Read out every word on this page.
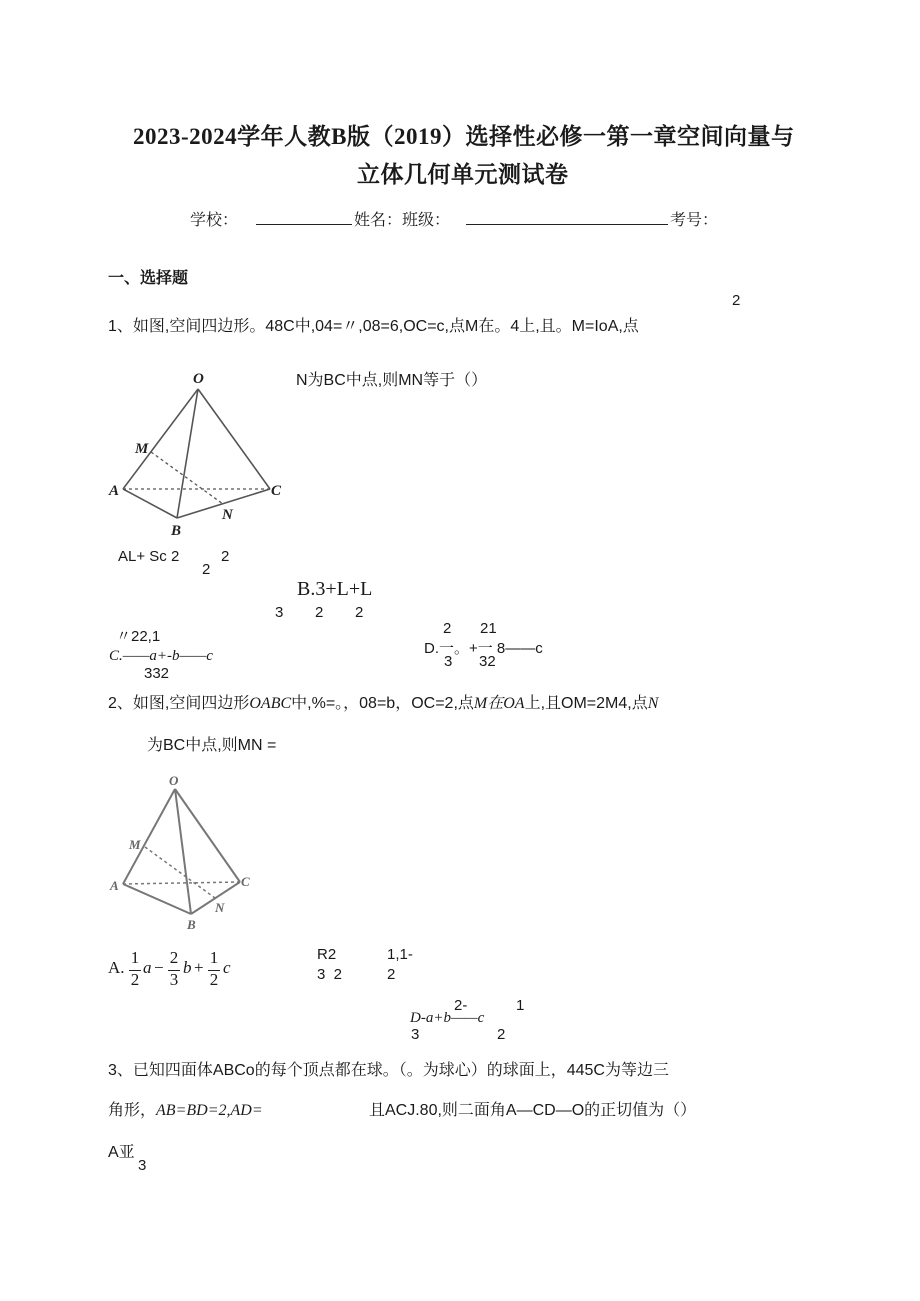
2023-2024学年人教B版（2019）选择性必修一第一章空间向量与
立体几何单元测试卷
学校：	姓名：班级：	考号：
一、选择题
2
1、如图,空间四边形。48C中,04=〃,08=6,OC=c,点M在。4上,且。M=IoA,点
N为BC中点,则MN等于（）
O
M
A	C
N
B
AL+ Sc 2	2
2
B.3+L+L
3 2 2
〃22,1
C.——a+-b——c
332
2 21
D.一。+一 8——c
3 32
2、如图,空间四边形OABC中,%=。，08=b，OC=2,点M在OA上,且OM=2M4,点N
为BC中点,则MN =
O
M
A	C
N
B
A.
1
2
a −
2
3
b +
1
2
c
R2
3  2
1,1-
2
2-	1
D-a+b——c
3	2
3、已知四面体ABCo的每个顶点都在球。（。为球心）的球面上，445C为等边三
角形，AB=BD=2,AD=	且ACJ.80,则二面角A—CD—O的正切值为（）
A亚
3
